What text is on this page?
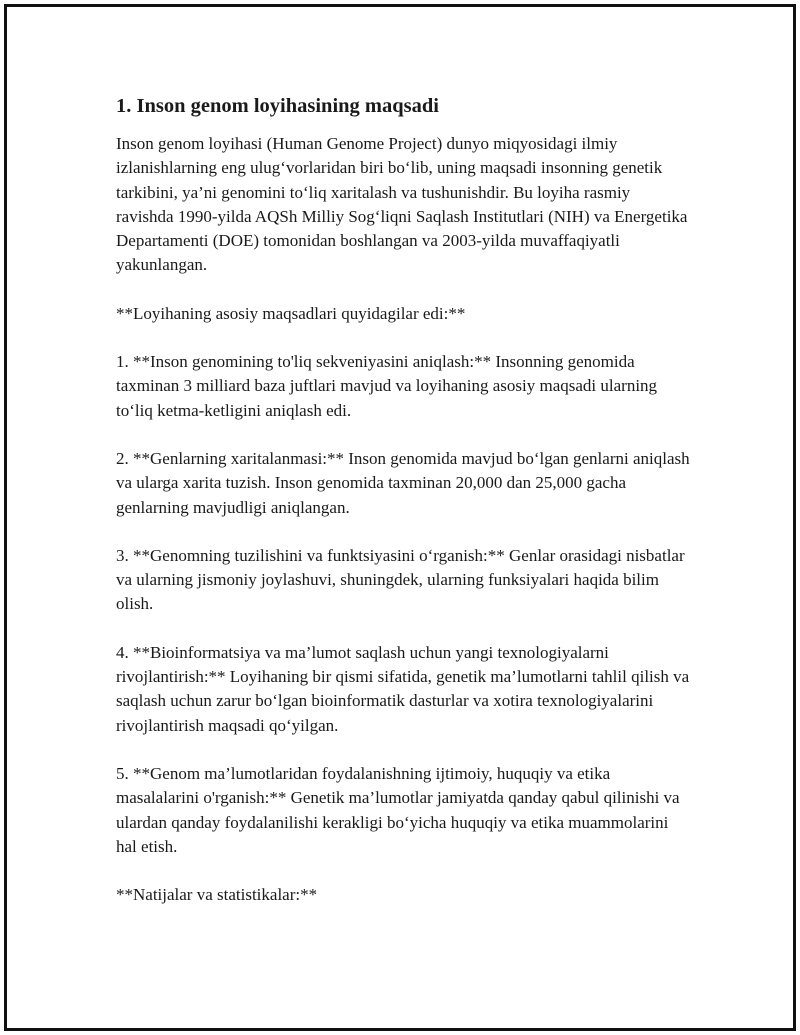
1. Inson genom loyihasining maqsadi

Inson genom loyihasi (Human Genome Project) dunyo miqyosidagi ilmiy izlanishlarning eng ulug‘vorlaridan biri bo‘lib, uning maqsadi insonning genetik tarkibini, ya’ni genomini to‘liq xaritalash va tushunishdir. Bu loyiha rasmiy ravishda 1990-yilda AQSh Milliy Sog‘liqni Saqlash Institutlari (NIH) va Energetika Departamenti (DOE) tomonidan boshlangan va 2003-yilda muvaffaqiyatli yakunlangan.

**Loyihaning asosiy maqsadlari quyidagilar edi:**

1. **Inson genomining to'liq sekveniyasini aniqlash:** Insonning genomida taxminan 3 milliard baza juftlari mavjud va loyihaning asosiy maqsadi ularning to‘liq ketma-ketligini aniqlash edi.

2. **Genlarning xaritalanmasi:** Inson genomida mavjud bo‘lgan genlarni aniqlash va ularga xarita tuzish. Inson genomida taxminan 20,000 dan 25,000 gacha genlarning mavjudligi aniqlangan.

3. **Genomning tuzilishini va funktsiyasini o‘rganish:** Genlar orasidagi nisbatlar va ularning jismoniy joylashuvi, shuningdek, ularning funksiyalari haqida bilim olish.

4. **Bioinformatsiya va ma’lumot saqlash uchun yangi texnologiyalarni rivojlantirish:** Loyihaning bir qismi sifatida, genetik ma’lumotlarni tahlil qilish va saqlash uchun zarur bo‘lgan bioinformatik dasturlar va xotira texnologiyalarini rivojlantirish maqsadi qo‘yilgan.

5. **Genom ma’lumotlaridan foydalanishning ijtimoiy, huquqiy va etika masalalarini o'rganish:** Genetik ma’lumotlar jamiyatda qanday qabul qilinishi va ulardan qanday foydalanilishi kerakligi bo‘yicha huquqiy va etika muammolarini hal etish.

**Natijalar va statistikalar:**
